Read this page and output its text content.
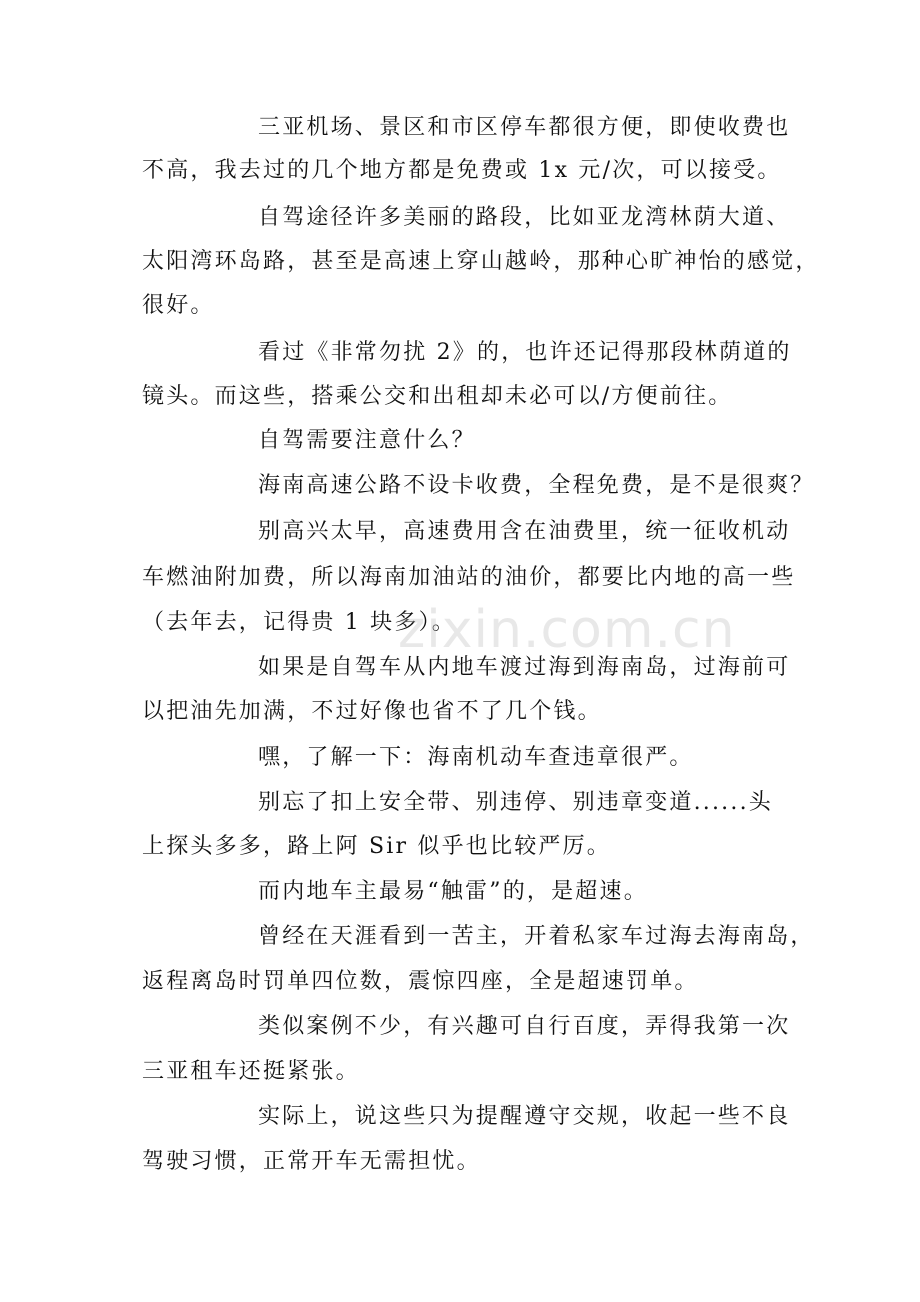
三亚机场、景区和市区停车都很方便，即使收费也
不高，我去过的几个地方都是免费或 1x 元/次，可以接受。
自驾途径许多美丽的路段，比如亚龙湾林荫大道、
太阳湾环岛路，甚至是高速上穿山越岭，那种心旷神怡的感觉，
很好。
看过《非常勿扰 2》的，也许还记得那段林荫道的
镜头。而这些，搭乘公交和出租却未必可以/方便前往。
自驾需要注意什么？
海南高速公路不设卡收费，全程免费，是不是很爽？
别高兴太早，高速费用含在油费里，统一征收机动
车燃油附加费，所以海南加油站的油价，都要比内地的高一些
（去年去，记得贵 1 块多）。
如果是自驾车从内地车渡过海到海南岛，过海前可
以把油先加满，不过好像也省不了几个钱。
嘿，了解一下：海南机动车查违章很严。
别忘了扣上安全带、别违停、别违章变道......头
上探头多多，路上阿 Sir 似乎也比较严厉。
而内地车主最易“触雷”的，是超速。
曾经在天涯看到一苦主，开着私家车过海去海南岛，
返程离岛时罚单四位数，震惊四座，全是超速罚单。
类似案例不少，有兴趣可自行百度，弄得我第一次
三亚租车还挺紧张。
实际上，说这些只为提醒遵守交规，收起一些不良
驾驶习惯，正常开车无需担忧。
zixin.com.cn
